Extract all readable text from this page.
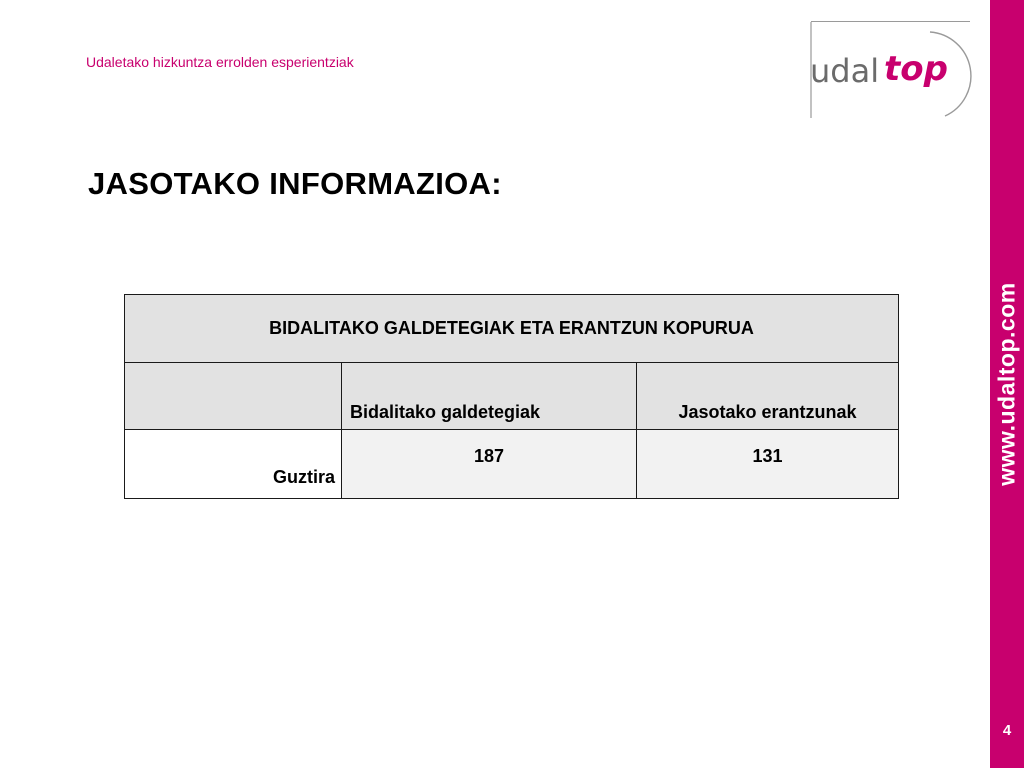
Udaletako hizkuntza errolden esperientziak	udal top
JASOTAKO INFORMAZIOA:
BIDALITAKO GALDETEGIAK ETA ERANTZUN KOPURUA		
	Bidalitako galdetegiak	Jasotako erantzunak
Guztira	187	131	www.udaltop.com
4
